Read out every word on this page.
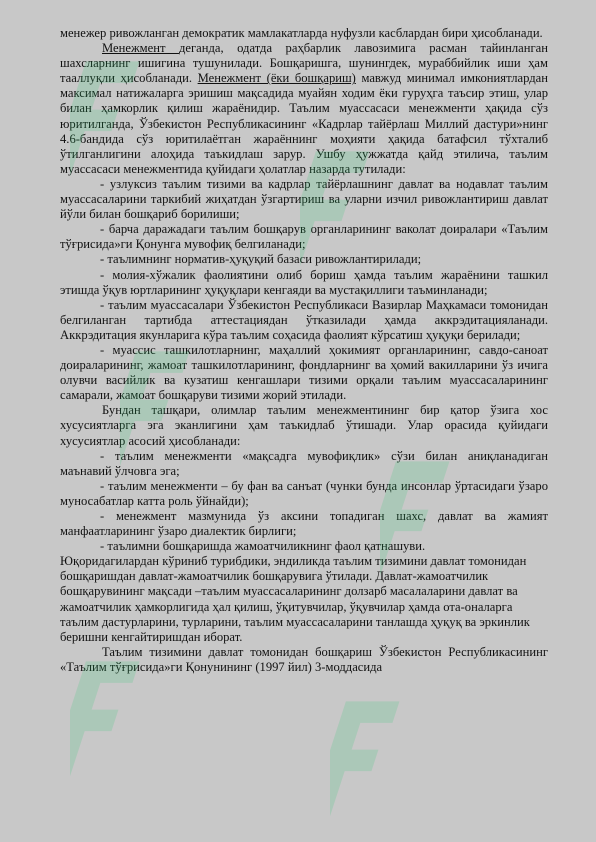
менежер ривожланган демократик мамлакатларда нуфузли касблардан бири ҳисобланади.

Менежмент деганда, одатда раҳбарлик лавозимига расман тайинланган шахсларнинг ишигина тушунилади. Бошқаришга, шунингдек, мураббийлик иши ҳам тааллуқли ҳисобланади. Менежмент (ёки бошқариш) мавжуд минимал имкониятлардан максимал натижаларга эришиш мақсадида муайян ходим ёки гуруҳга таъсир этиш, улар билан ҳамкорлик қилиш жараёнидир. Таълим муассасаси менежменти ҳақида сўз юритилганда, Ўзбекистон Республикасининг «Кадрлар тайёрлаш Миллий дастури»нинг 4.6-бандида сўз юритилаётган жараённинг моҳияти ҳақида батафсил тўхталиб ўтилганлигини алоҳида таъкидлаш зарур. Ушбу ҳужжатда қайд этилича, таълим муассасаси менежментида қуйидаги ҳолатлар назарда тутилади:

- узлуксиз таълим тизими ва кадрлар тайёрлашнинг давлат ва нодавлат таълим муассасаларини таркибий жиҳатдан ўзгартириш ва уларни изчил ривожлантириш давлат йўли билан бошқариб борилиши;

- барча даражадаги таълим бошқарув органларининг ваколат доиралари «Таълим тўғрисида»ги Қонунга мувофиқ белгиланади;

- таълимнинг норматив-ҳуқуқий базаси ривожлантирилади;

- молия-хўжалик фаолиятини олиб бориш ҳамда таълим жараёнини ташкил этишда ўқув юртларининг ҳуқуқлари кенгаяди ва мустақиллиги таъминланади;

- таълим муассасалари Ўзбекистон Республикаси Вазирлар Маҳкамаси томонидан белгиланган тартибда аттестациядан ўтказилади ҳамда аккрэдитацияланади. Аккрэдитация якунларига кўра таълим соҳасида фаолият кўрсатиш ҳуқуқи берилади;

- муассис ташкилотларнинг, маҳаллий ҳокимият органларининг, савдо-саноат доираларининг, жамоат ташкилотларининг, фондларнинг ва ҳомий вакилларини ўз ичига олувчи васийлик ва кузатиш кенгашлари тизими орқали таълим муассасаларининг самарали, жамоат бошқаруви тизими жорий этилади.

Бундан ташқари, олимлар таълим менежментининг бир қатор ўзига хос хусусиятларга эга эканлигини ҳам таъкидлаб ўтишади. Улар орасида қуйидаги хусусиятлар асосий ҳисобланади:

- таълим менежменти «мақсадга мувофиқлик» сўзи билан аниқланадиган маънавий ўлчовга эга;

- таълим менежменти – бу фан ва санъат (чунки бунда инсонлар ўртасидаги ўзаро муносабатлар катта роль ўйнайди);

- менежмент мазмунида ўз аксини топадиган шахс, давлат ва жамият манфаатларининг ўзаро диалектик бирлиги;

- таълимни бошқаришда жамоатчиликнинг фаол қатнашуви.

Юқоридагилардан кўриниб турибдики, эндиликда таълим тизимини давлат томонидан бошқаришдан давлат-жамоатчилик бошқарувига ўтилади. Давлат-жамоатчилик бошқарувининг мақсади –таълим муассасаларининг долзарб масалаларини давлат ва жамоатчилик ҳамкорлигида ҳал қилиш, ўқитувчилар, ўқувчилар ҳамда ота-оналарга таълим дастурларини, турларини, таълим муассасаларини танлашда ҳуқуқ ва эркинлик беришни кенгайтиришдан иборат.

Таълим тизимини давлат томонидан бошқариш Ўзбекистон Республикасининг «Таълим тўғрисида»ги Қонунининг (1997 йил) 3-моддасида
